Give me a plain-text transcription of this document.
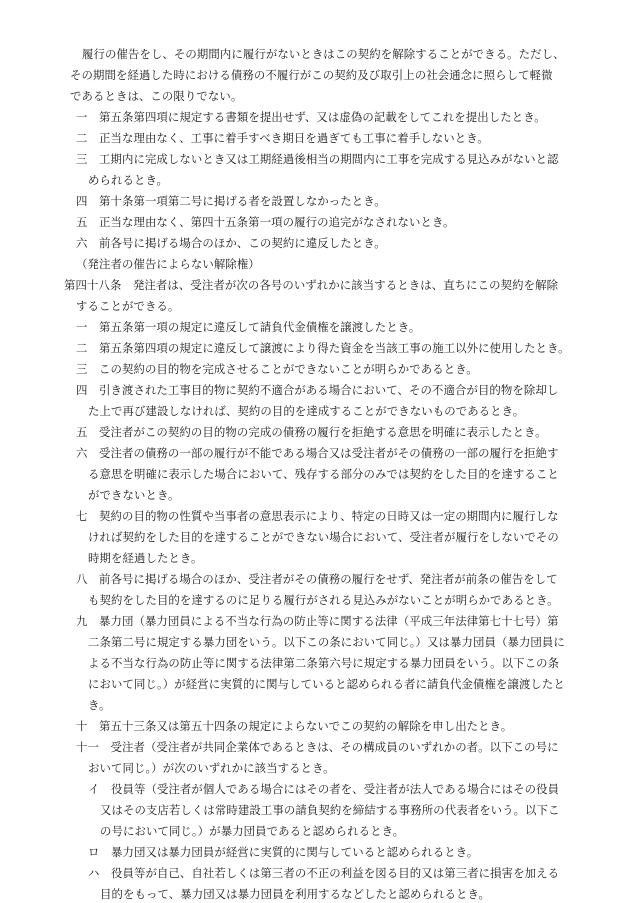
履行の催告をし、その期間内に履行がないときはこの契約を解除することができる。ただし、
その期間を経過した時における債務の不履行がこの契約及び取引上の社会通念に照らして軽微
であるときは、この限りでない。
一　第五条第四項に規定する書類を提出せず、又は虚偽の記載をしてこれを提出したとき。
二　正当な理由なく、工事に着手すべき期日を過ぎても工事に着手しないとき。
三　工期内に完成しないとき又は工期経過後相当の期間内に工事を完成する見込みがないと認
められるとき。
四　第十条第一項第二号に掲げる者を設置しなかったとき。
五　正当な理由なく、第四十五条第一項の履行の追完がなされないとき。
六　前各号に掲げる場合のほか、この契約に違反したとき。
（発注者の催告によらない解除権）
第四十八条　発注者は、受注者が次の各号のいずれかに該当するときは、直ちにこの契約を解除
することができる。
一　第五条第一項の規定に違反して請負代金債権を譲渡したとき。
二　第五条第四項の規定に違反して譲渡により得た資金を当該工事の施工以外に使用したとき。
三　この契約の目的物を完成させることができないことが明らかであるとき。
四　引き渡された工事目的物に契約不適合がある場合において、その不適合が目的物を除却し
た上で再び建設しなければ、契約の目的を達成することができないものであるとき。
五　受注者がこの契約の目的物の完成の債務の履行を拒絶する意思を明確に表示したとき。
六　受注者の債務の一部の履行が不能である場合又は受注者がその債務の一部の履行を拒絶す
る意思を明確に表示した場合において、残存する部分のみでは契約をした目的を達すること
ができないとき。
七　契約の目的物の性質や当事者の意思表示により、特定の日時又は一定の期間内に履行しな
ければ契約をした目的を達することができない場合において、受注者が履行をしないでその
時期を経過したとき。
八　前各号に掲げる場合のほか、受注者がその債務の履行をせず、発注者が前条の催告をして
も契約をした目的を達するのに足りる履行がされる見込みがないことが明らかであるとき。
九　暴力団（暴力団員による不当な行為の防止等に関する法律（平成三年法律第七十七号）第
二条第二号に規定する暴力団をいう。以下この条において同じ。）又は暴力団員（暴力団員に
よる不当な行為の防止等に関する法律第二条第六号に規定する暴力団員をいう。以下この条
において同じ。）が経営に実質的に関与していると認められる者に請負代金債権を譲渡したと
き。
十　第五十三条又は第五十四条の規定によらないでこの契約の解除を申し出たとき。
十一　受注者（受注者が共同企業体であるときは、その構成員のいずれかの者。以下この号に
おいて同じ。）が次のいずれかに該当するとき。
イ　役員等（受注者が個人である場合にはその者を、受注者が法人である場合にはその役員
又はその支店若しくは常時建設工事の請負契約を締結する事務所の代表者をいう。以下こ
の号において同じ。）が暴力団員であると認められるとき。
ロ　暴力団又は暴力団員が経営に実質的に関与していると認められるとき。
ハ　役員等が自己、自社若しくは第三者の不正の利益を図る目的又は第三者に損害を加える
目的をもって、暴力団又は暴力団員を利用するなどしたと認められるとき。
